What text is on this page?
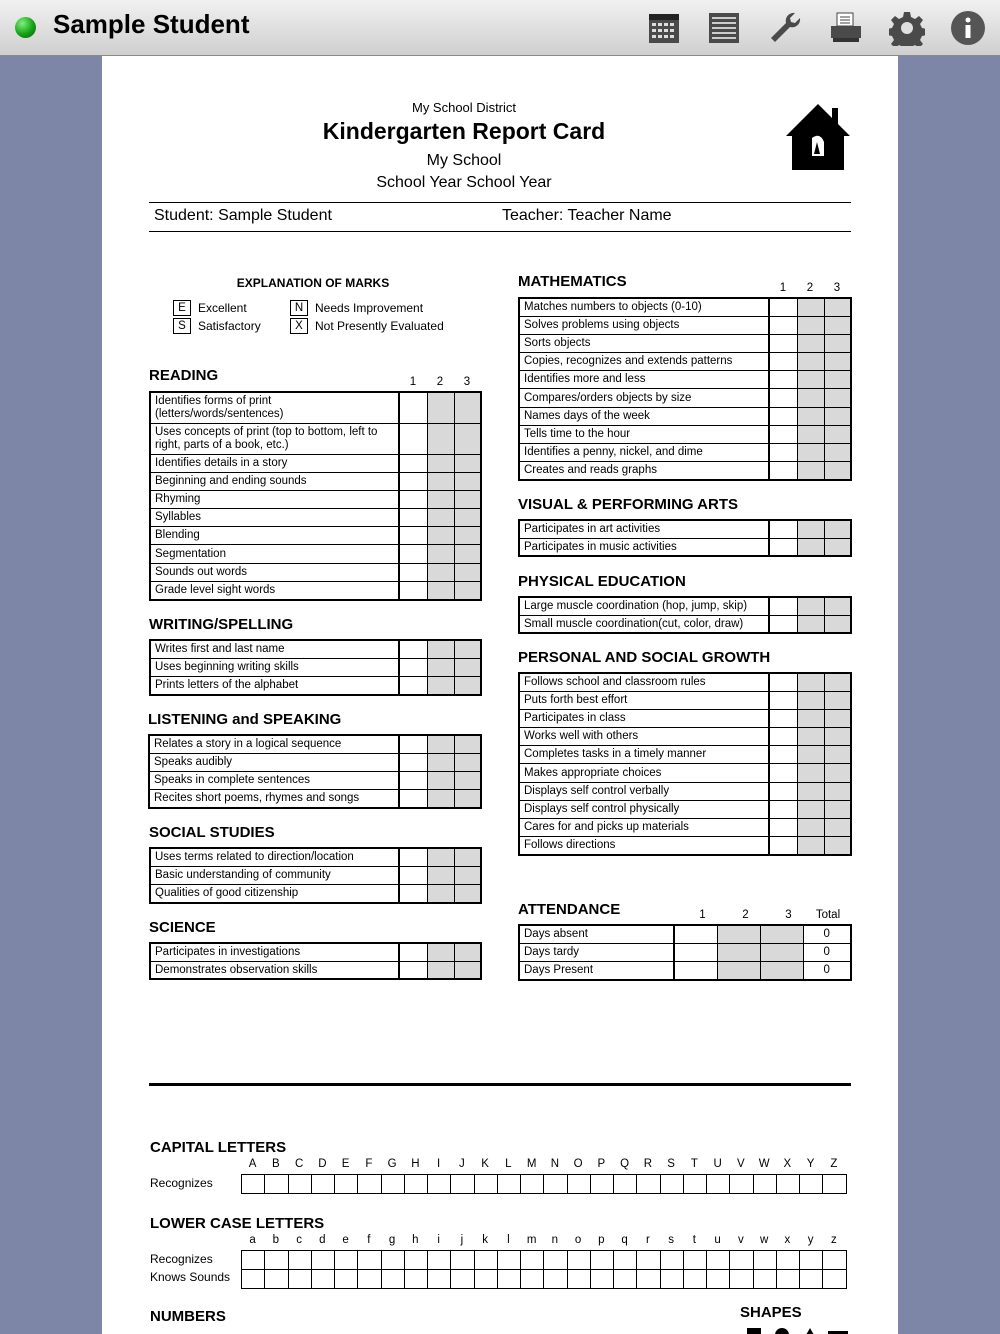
Sample Student
My School District
Kindergarten Report Card
My School
School Year School Year
Student: Sample Student	Teacher: Teacher Name
EXPLANATION OF MARKS
E	Excellent
S	Satisfactory
N Needs Improvement
X	Not Presently Evaluated
READING	1	2	3
Identifies forms of print (letters/words/sentences)			
Uses concepts of print (top to bottom, left to right, parts of a book, etc.)			
Identifies details in a story			
Beginning and ending sounds			
Rhyming			
Syllables			
Blending			
Segmentation			
Sounds out words			
Grade level sight words			
WRITING/SPELLING
Writes first and last name			
Uses beginning writing skills			
Prints letters of the alphabet			
LISTENING and SPEAKING
Relates a story in a logical sequence			
Speaks audibly			
Speaks in complete sentences			
Recites short poems, rhymes and songs			
SOCIAL STUDIES
Uses terms related to direction/location			
Basic understanding of community			
Qualities of good citizenship			
SCIENCE
Participates in investigations			
Demonstrates observation skills			
MATHEMATICS	1	2	3
Matches numbers to objects (0-10)			
Solves problems using objects			
Sorts objects			
Copies, recognizes and extends patterns			
Identifies more and less			
Compares/orders objects by size			
Names days of the week			
Tells time to the hour			
Identifies a penny, nickel, and dime			
Creates and reads graphs			
VISUAL & PERFORMING ARTS
Participates in art activities			
Participates in music activities			
PHYSICAL EDUCATION
Large muscle coordination (hop, jump, skip)			
Small muscle coordination(cut, color, draw)			
PERSONAL AND SOCIAL GROWTH
Follows school and classroom rules			
Puts forth best effort			
Participates in class			
Works well with others			
Completes tasks in a timely manner			
Makes appropriate choices			
Displays self control verbally			
Displays self control physically			
Cares for and picks up materials			
Follows directions			
ATTENDANCE	1	2	3	Total
Days absent				0
Days tardy				0
Days Present				0
CAPITAL LETTERS
A	B	C	D	E	F	G	H	I	J	K	L	M	N	O	P	Q	R	S	T	U	V	W	X	Y	Z
Recognizes

LOWER CASE LETTERS
a	b	c	d	e	f	g	h	i	j	k	l	m	n	o	p	q	r	s	t	u	v	w	x	y	z
Recognizes
Knows Sounds

NUMBERS	SHAPES
